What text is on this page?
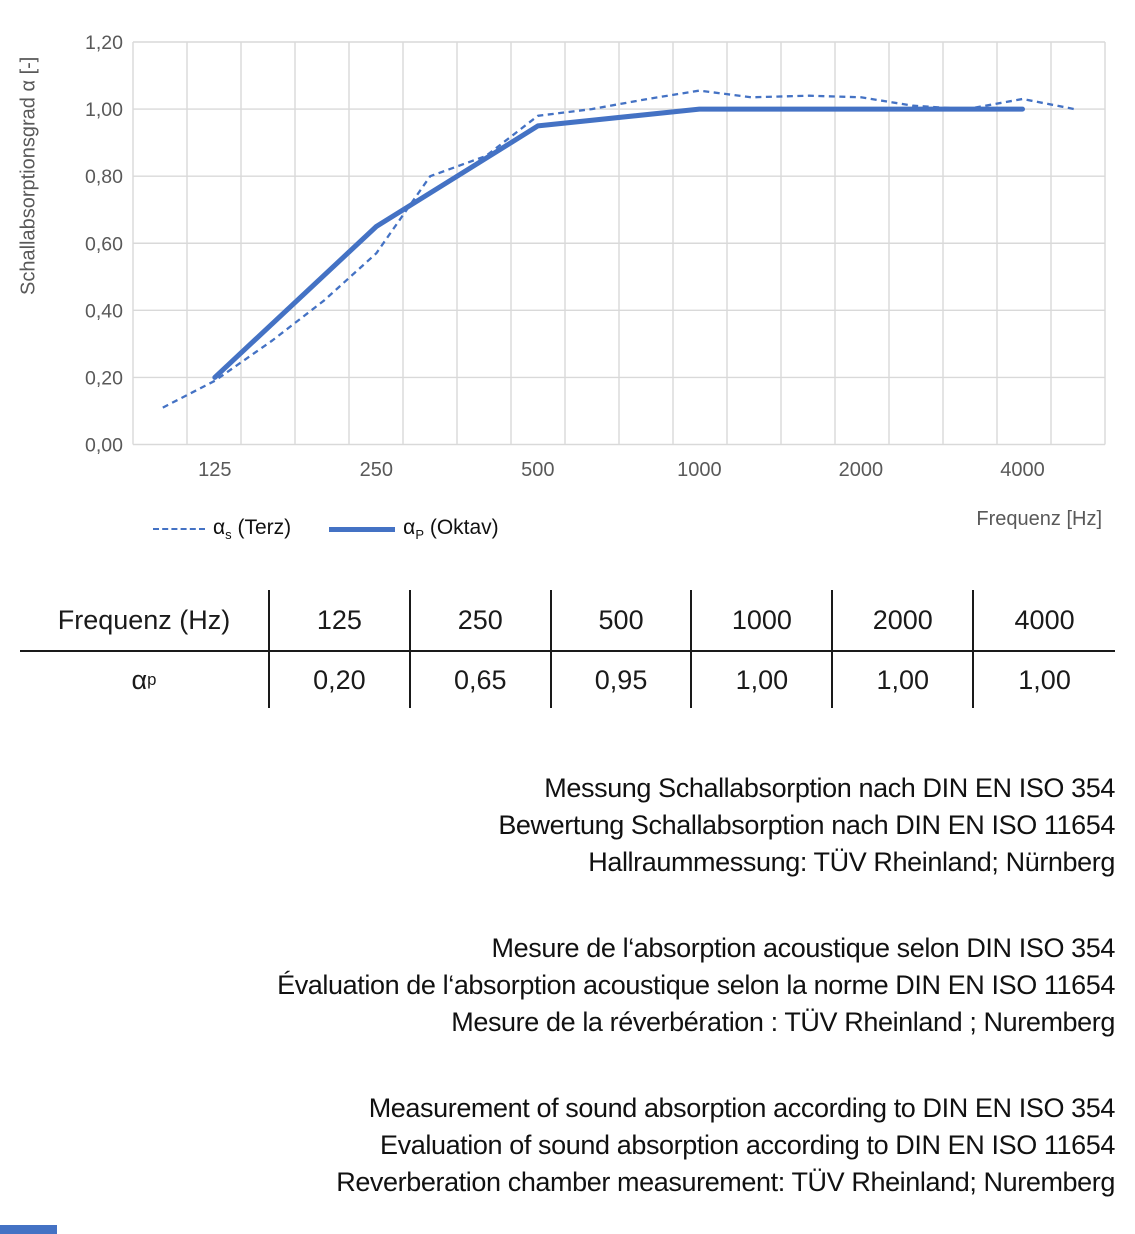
Schallabsorptionsgrad α [-]
0,00
0,20
0,40
0,60
0,80
1,00
1,20
125	250	500	1000	2000	4000
Frequenz [Hz]
$\alpha_s$ (Terz)	$\alpha_P$ (Oktav)
Frequenz (Hz)	125	250	500	1000	2000	4000
α p	0,20	0,65	0,95	1,00	1,00	1,00
Messung Schallabsorption nach DIN EN ISO 354
Bewertung Schallabsorption nach DIN EN ISO 11654
Hallraummessung: TÜV Rheinland; Nürnberg
Mesure de l‘absorption acoustique selon DIN ISO 354
Évaluation de l‘absorption acoustique selon la norme DIN EN ISO 11654
Mesure de la réverbération : TÜV Rheinland ; Nuremberg
Measurement of sound absorption according to DIN EN ISO 354
Evaluation of sound absorption according to DIN EN ISO 11654
Reverberation chamber measurement: TÜV Rheinland; Nuremberg
